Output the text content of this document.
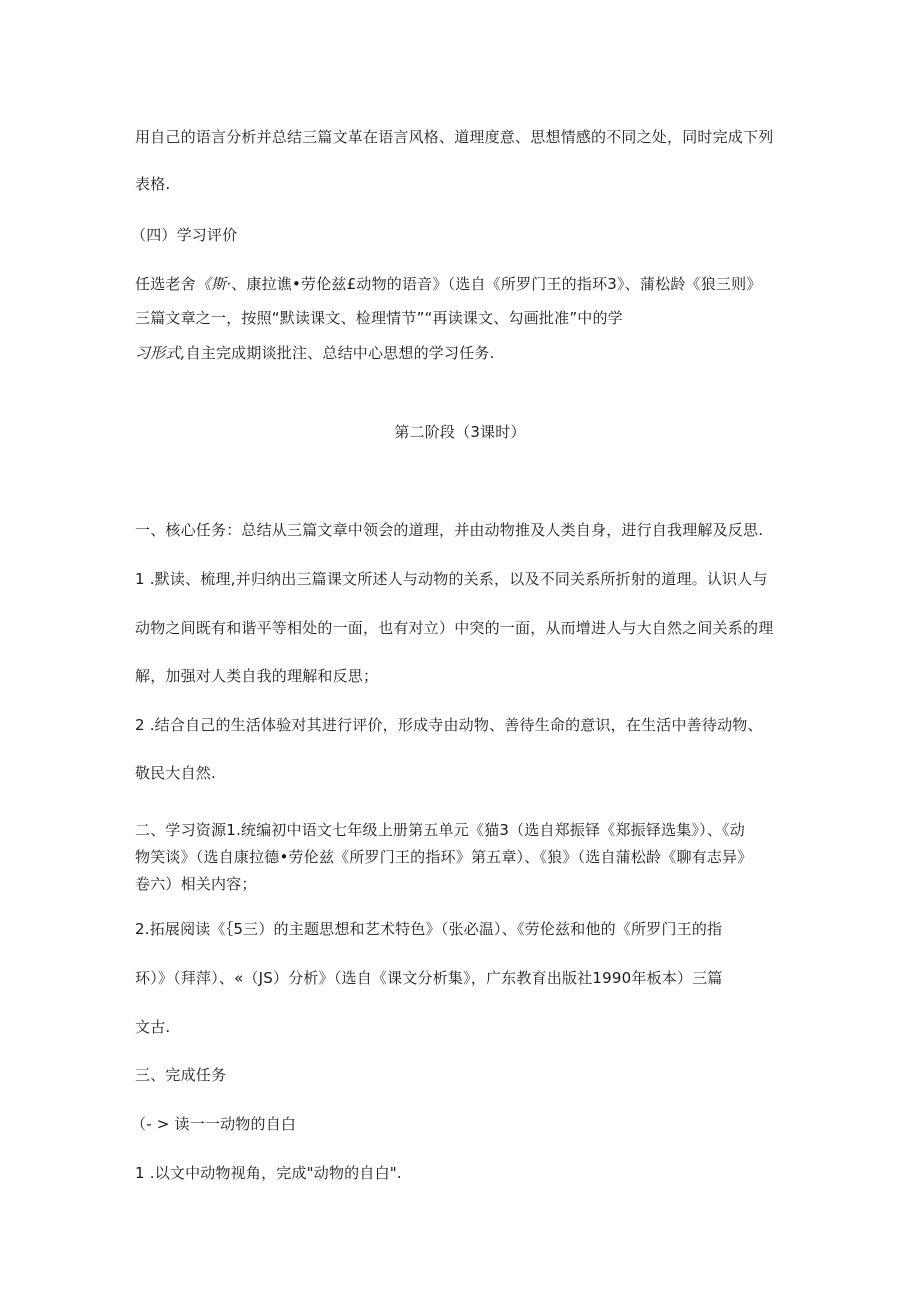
用自己的语言分析并总结三篇文革在语言风格、道理度意、思想情感的不同之处，同时完成下列
表格.
（四）学习评价
任选老舍《斯·、康拉谯•劳伦兹£动物的语音》（选自《所罗门王的指环3》、蒲松龄《狼三则》
三篇文章之一，按照“默读课文、检理情节”“再读课文、勾画批准”中的学
习形式,自主完成期谈批注、总结中心思想的学习任务.
第二阶段（3课时）
一、核心任务：总结从三篇文章中领会的道理，并由动物推及人类自身，进行自我理解及反思.
1 .默读、梳理,并归纳出三篇课文所述人与动物的关系，以及不同关系所折射的道理。认识人与
动物之间既有和谐平等相处的一面，也有对立）中突的一面，从而增进人与大自然之间关系的理
解，加强对人类自我的理解和反思；
2 .结合自己的生活体验对其进行评价，形成寺由动物、善待生命的意识，在生活中善待动物、
敬民大自然.
二、学习资源1.统编初中语文七年级上册第五单元《猫3（选自郑振铎《郑振铎选集》）、《动
物笑谈》（选自康拉德•劳伦兹《所罗门王的指环》第五章）、《狼》（选自蒲松龄《聊有志异》
卷六）相关内容；
2.拓展阅读《｛5三）的主题思想和艺术特色》（张必温）、《劳伦兹和他的《所罗门王的指
环）》（拜萍）、«（JS）分析》（选自《课文分析集》，广东教育出版社1990年板本）三篇
文古.
三、完成任务
（- > 读一一动物的自白
1 .以文中动物视角，完成"动物的自白".
